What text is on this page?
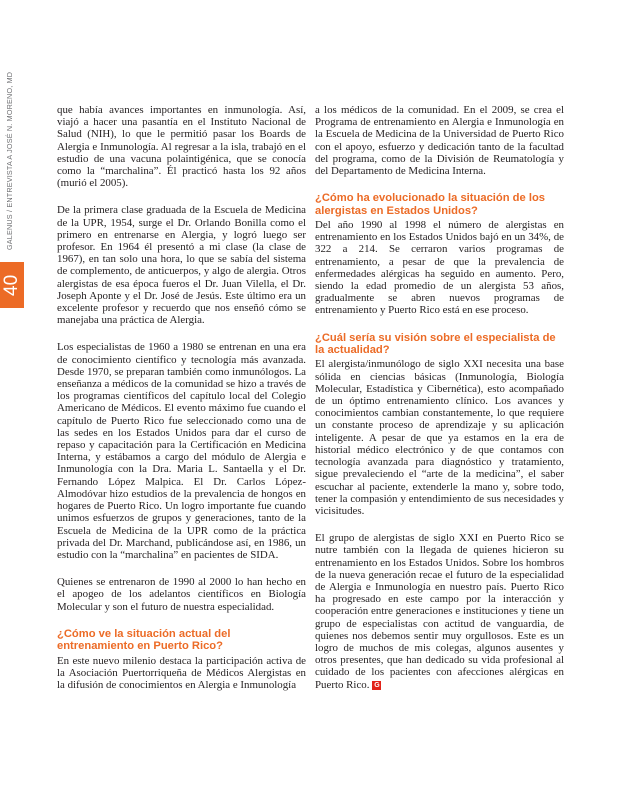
GALENUS / ENTREVISTA A JOSÉ N. MORENO, MD
40

que había avances importantes en inmunología. Así, viajó a hacer una pasantía en el Instituto Nacional de Salud (NIH), lo que le permitió pasar los Boards de Alergia e Inmunología. Al regresar a la isla, trabajó en el estudio de una vacuna polaintigénica, que se conocía como la “marchalina”. Él practicó hasta los 92 años (murió el 2005).

De la primera clase graduada de la Escuela de Medicina de la UPR, 1954, surge el Dr. Orlando Bonilla como el primero en entrenarse en Alergia, y logró luego ser profesor. En 1964 él presentó a mi clase (la clase de 1967), en tan solo una hora, lo que se sabía del sistema de complemento, de anticuerpos, y algo de alergia. Otros alergistas de esa época fueros el Dr. Juan Vilella, el Dr. Joseph Aponte y el Dr. José de Jesús. Este último era un excelente profesor y recuerdo que nos enseñó cómo se manejaba una práctica de Alergia.

Los especialistas de 1960 a 1980 se entrenan en una era de conocimiento científico y tecnología más avanzada. Desde 1970, se preparan también como inmunólogos. La enseñanza a médicos de la comunidad se hizo a través de los programas científicos del capítulo local del Colegio Americano de Médicos. El evento máximo fue cuando el capítulo de Puerto Rico fue seleccionado como una de las sedes en los Estados Unidos para dar el curso de repaso y capacitación para la Certificación en Medicina Interna, y estábamos a cargo del módulo de Alergia e Inmunología con la Dra. Maria L. Santaella y el Dr. Fernando López Malpica. El Dr. Carlos López-Almodóvar hizo estudios de la prevalencia de hongos en hogares de Puerto Rico. Un logro importante fue cuando unimos esfuerzos de grupos y generaciones, tanto de la Escuela de Medicina de la UPR como de la práctica privada del Dr. Marchand, publicándose así, en 1986, un estudio con la “marchalina” en pacientes de SIDA.

Quienes se entrenaron de 1990 al 2000 lo han hecho en el apogeo de los adelantos científicos en Biología Molecular y son el futuro de nuestra especialidad.

¿Cómo ve la situación actual del entrenamiento en Puerto Rico?

En este nuevo milenio destaca la participación activa de la Asociación Puertorriqueña de Médicos Alergistas en la difusión de conocimientos en Alergia e Inmunología

a los médicos de la comunidad. En el 2009, se crea el Programa de entrenamiento en Alergia e Inmunología en la Escuela de Medicina de la Universidad de Puerto Rico con el apoyo, esfuerzo y dedicación tanto de la facultad del programa, como de la División de Reumatología y del Departamento de Medicina Interna.

¿Cómo ha evolucionado la situación de los alergistas en Estados Unidos?

Del año 1990 al 1998 el número de alergistas en entrenamiento en los Estados Unidos bajó en un 34%, de 322 a 214. Se cerraron varios programas de entrenamiento, a pesar de que la prevalencia de enfermedades alérgicas ha seguido en aumento. Pero, siendo la edad promedio de un alergista 53 años, gradualmente se abren nuevos programas de entrenamiento y Puerto Rico está en ese proceso.

¿Cuál sería su visión sobre el especialista de la actualidad?

El alergista/inmunólogo de siglo XXI necesita una base sólida en ciencias básicas (Inmunología, Biología Molecular, Estadística y Cibernética), esto acompañado de un óptimo entrenamiento clínico. Los avances y conocimientos cambian constantemente, lo que requiere un constante proceso de aprendizaje y su aplicación inteligente. A pesar de que ya estamos en la era de historial médico electrónico y de que contamos con tecnología avanzada para diagnóstico y tratamiento, sigue prevaleciendo el “arte de la medicina”, el saber escuchar al paciente, extenderle la mano y, sobre todo, tener la compasión y entendimiento de sus necesidades y vicisitudes.

El grupo de alergistas de siglo XXI en Puerto Rico se nutre también con la llegada de quienes hicieron su entrenamiento en los Estados Unidos. Sobre los hombros de la nueva generación recae el futuro de la especialidad de Alergia e Inmunología en nuestro país. Puerto Rico ha progresado en este campo por la interacción y cooperación entre generaciones e instituciones y tiene un grupo de especialistas con actitud de vanguardia, de quienes nos debemos sentir muy orgullosos. Este es un logro de muchos de mis colegas, algunos ausentes y otros presentes, que han dedicado su vida profesional al cuidado de los pacientes con afecciones alérgicas en Puerto Rico. G
